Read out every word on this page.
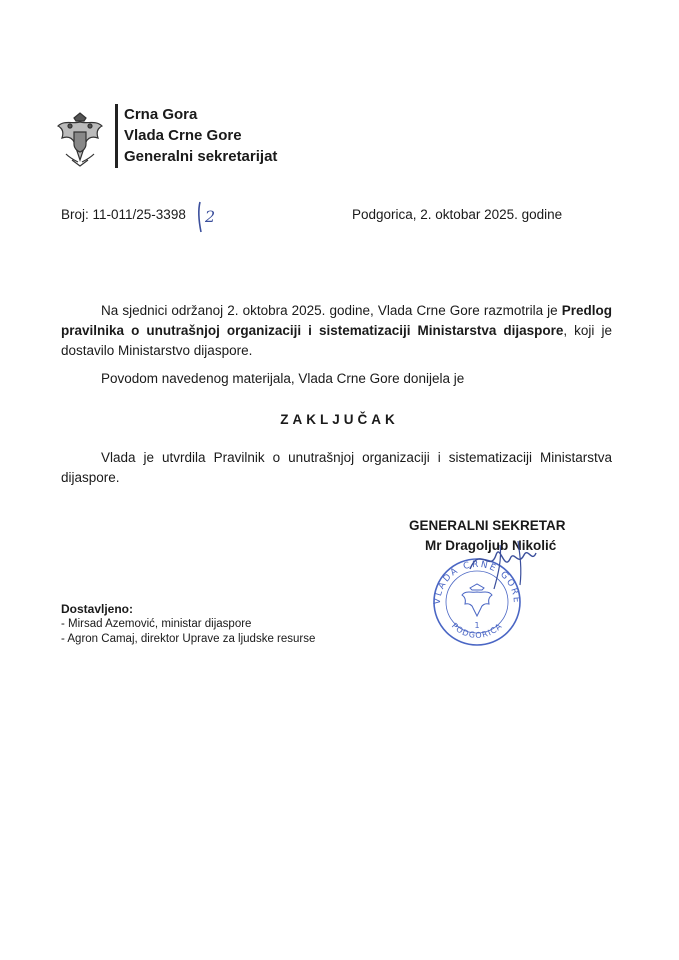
Crna Gora
Vlada Crne Gore
Generalni sekretarijat
Broj: 11-011/25-3398 2	Podgorica, 2. oktobar 2025. godine
Na sjednici održanoj 2. oktobra 2025. godine, Vlada Crne Gore razmotrila je Predlog pravilnika o unutrašnjoj organizaciji i sistematizaciji Ministarstva dijaspore, koji je dostavilo Ministarstvo dijaspore.
Povodom navedenog materijala, Vlada Crne Gore donijela je
ZAKLJUČAK
Vlada je utvrdila Pravilnik o unutrašnjoj organizaciji i sistematizaciji Ministarstva dijaspore.
VLADA CRNE GORE
PODGORICA
1
GENERALNI SEKRETAR
Mr Dragoljub Nikolić
Dostavljeno:
- Mirsad Azemović, ministar dijaspore
- Agron Camaj, direktor Uprave za ljudske resurse
